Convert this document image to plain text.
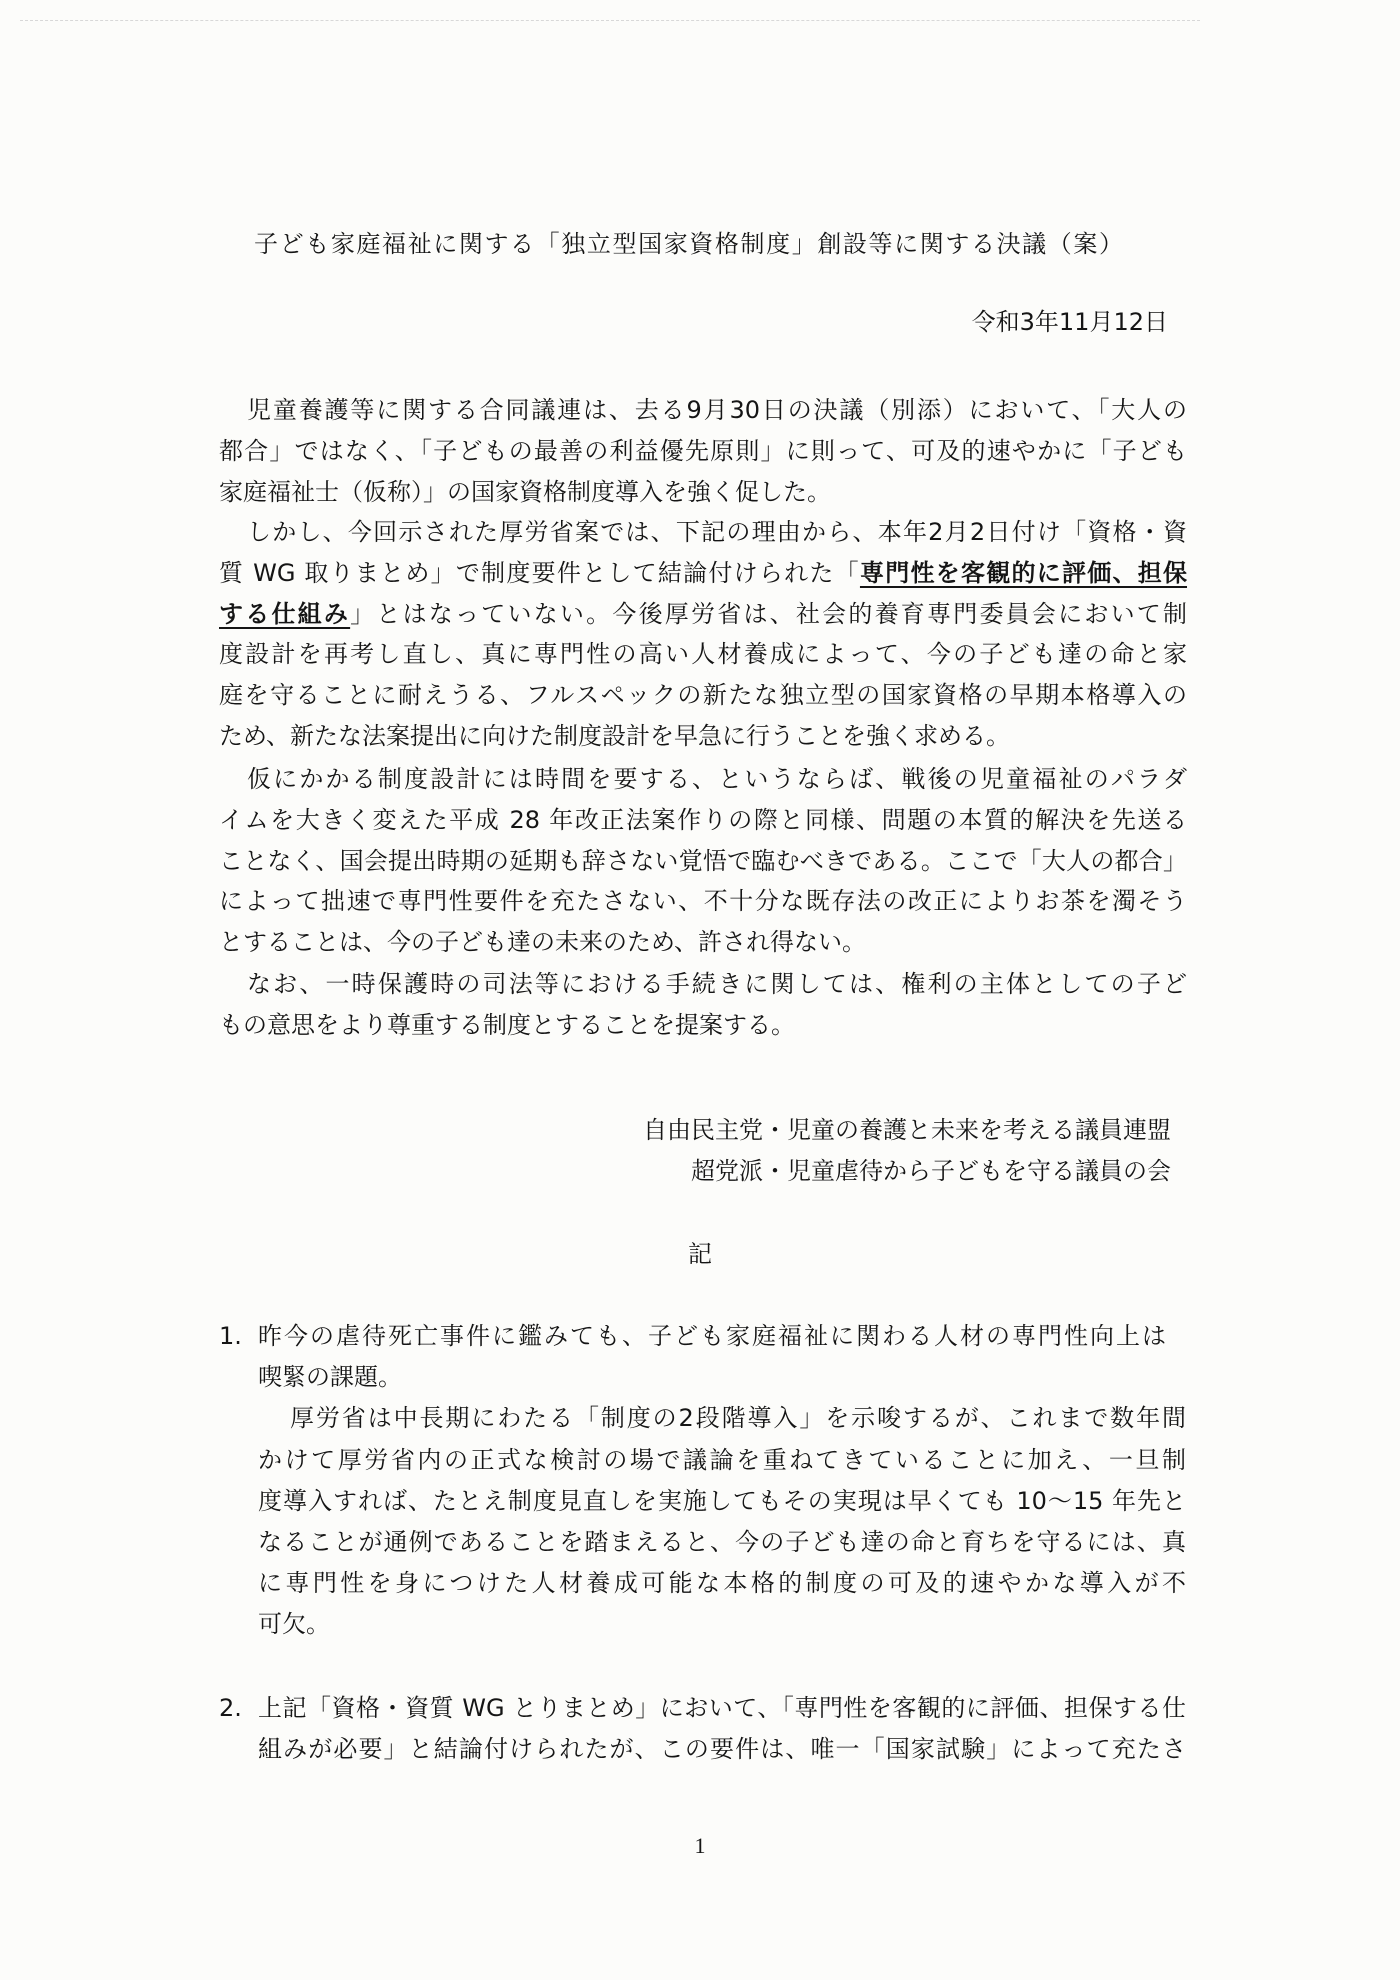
子ども家庭福祉に関する「独立型国家資格制度」創設等に関する決議（案）
令和3年11月12日
児童養護等に関する合同議連は、去る9月30日の決議（別添）において、「大人の
都合」ではなく、「子どもの最善の利益優先原則」に則って、可及的速やかに「子ども
家庭福祉士（仮称）」の国家資格制度導入を強く促した。
しかし、今回示された厚労省案では、下記の理由から、本年2月2日付け「資格・資
質 WG 取りまとめ」で制度要件として結論付けられた「専門性を客観的に評価、担保
する仕組み」とはなっていない。今後厚労省は、社会的養育専門委員会において制
度設計を再考し直し、真に専門性の高い人材養成によって、今の子ども達の命と家
庭を守ることに耐えうる、フルスペックの新たな独立型の国家資格の早期本格導入の
ため、新たな法案提出に向けた制度設計を早急に行うことを強く求める。
仮にかかる制度設計には時間を要する、というならば、戦後の児童福祉のパラダ
イムを大きく変えた平成 28 年改正法案作りの際と同様、問題の本質的解決を先送る
ことなく、国会提出時期の延期も辞さない覚悟で臨むべきである。ここで「大人の都合」
によって拙速で専門性要件を充たさない、不十分な既存法の改正によりお茶を濁そう
とすることは、今の子ども達の未来のため、許され得ない。
なお、一時保護時の司法等における手続きに関しては、権利の主体としての子ど
もの意思をより尊重する制度とすることを提案する。
自由民主党・児童の養護と未来を考える議員連盟
超党派・児童虐待から子どもを守る議員の会
記
1. 昨今の虐待死亡事件に鑑みても、子ども家庭福祉に関わる人材の専門性向上は
喫緊の課題。
厚労省は中長期にわたる「制度の2段階導入」を示唆するが、これまで数年間
かけて厚労省内の正式な検討の場で議論を重ねてきていることに加え、一旦制
度導入すれば、たとえ制度見直しを実施してもその実現は早くても 10～15 年先と
なることが通例であることを踏まえると、今の子ども達の命と育ちを守るには、真
に専門性を身につけた人材養成可能な本格的制度の可及的速やかな導入が不
可欠。
2. 上記「資格・資質 WG とりまとめ」において、「専門性を客観的に評価、担保する仕
組みが必要」と結論付けられたが、この要件は、唯一「国家試験」によって充たさ
1
